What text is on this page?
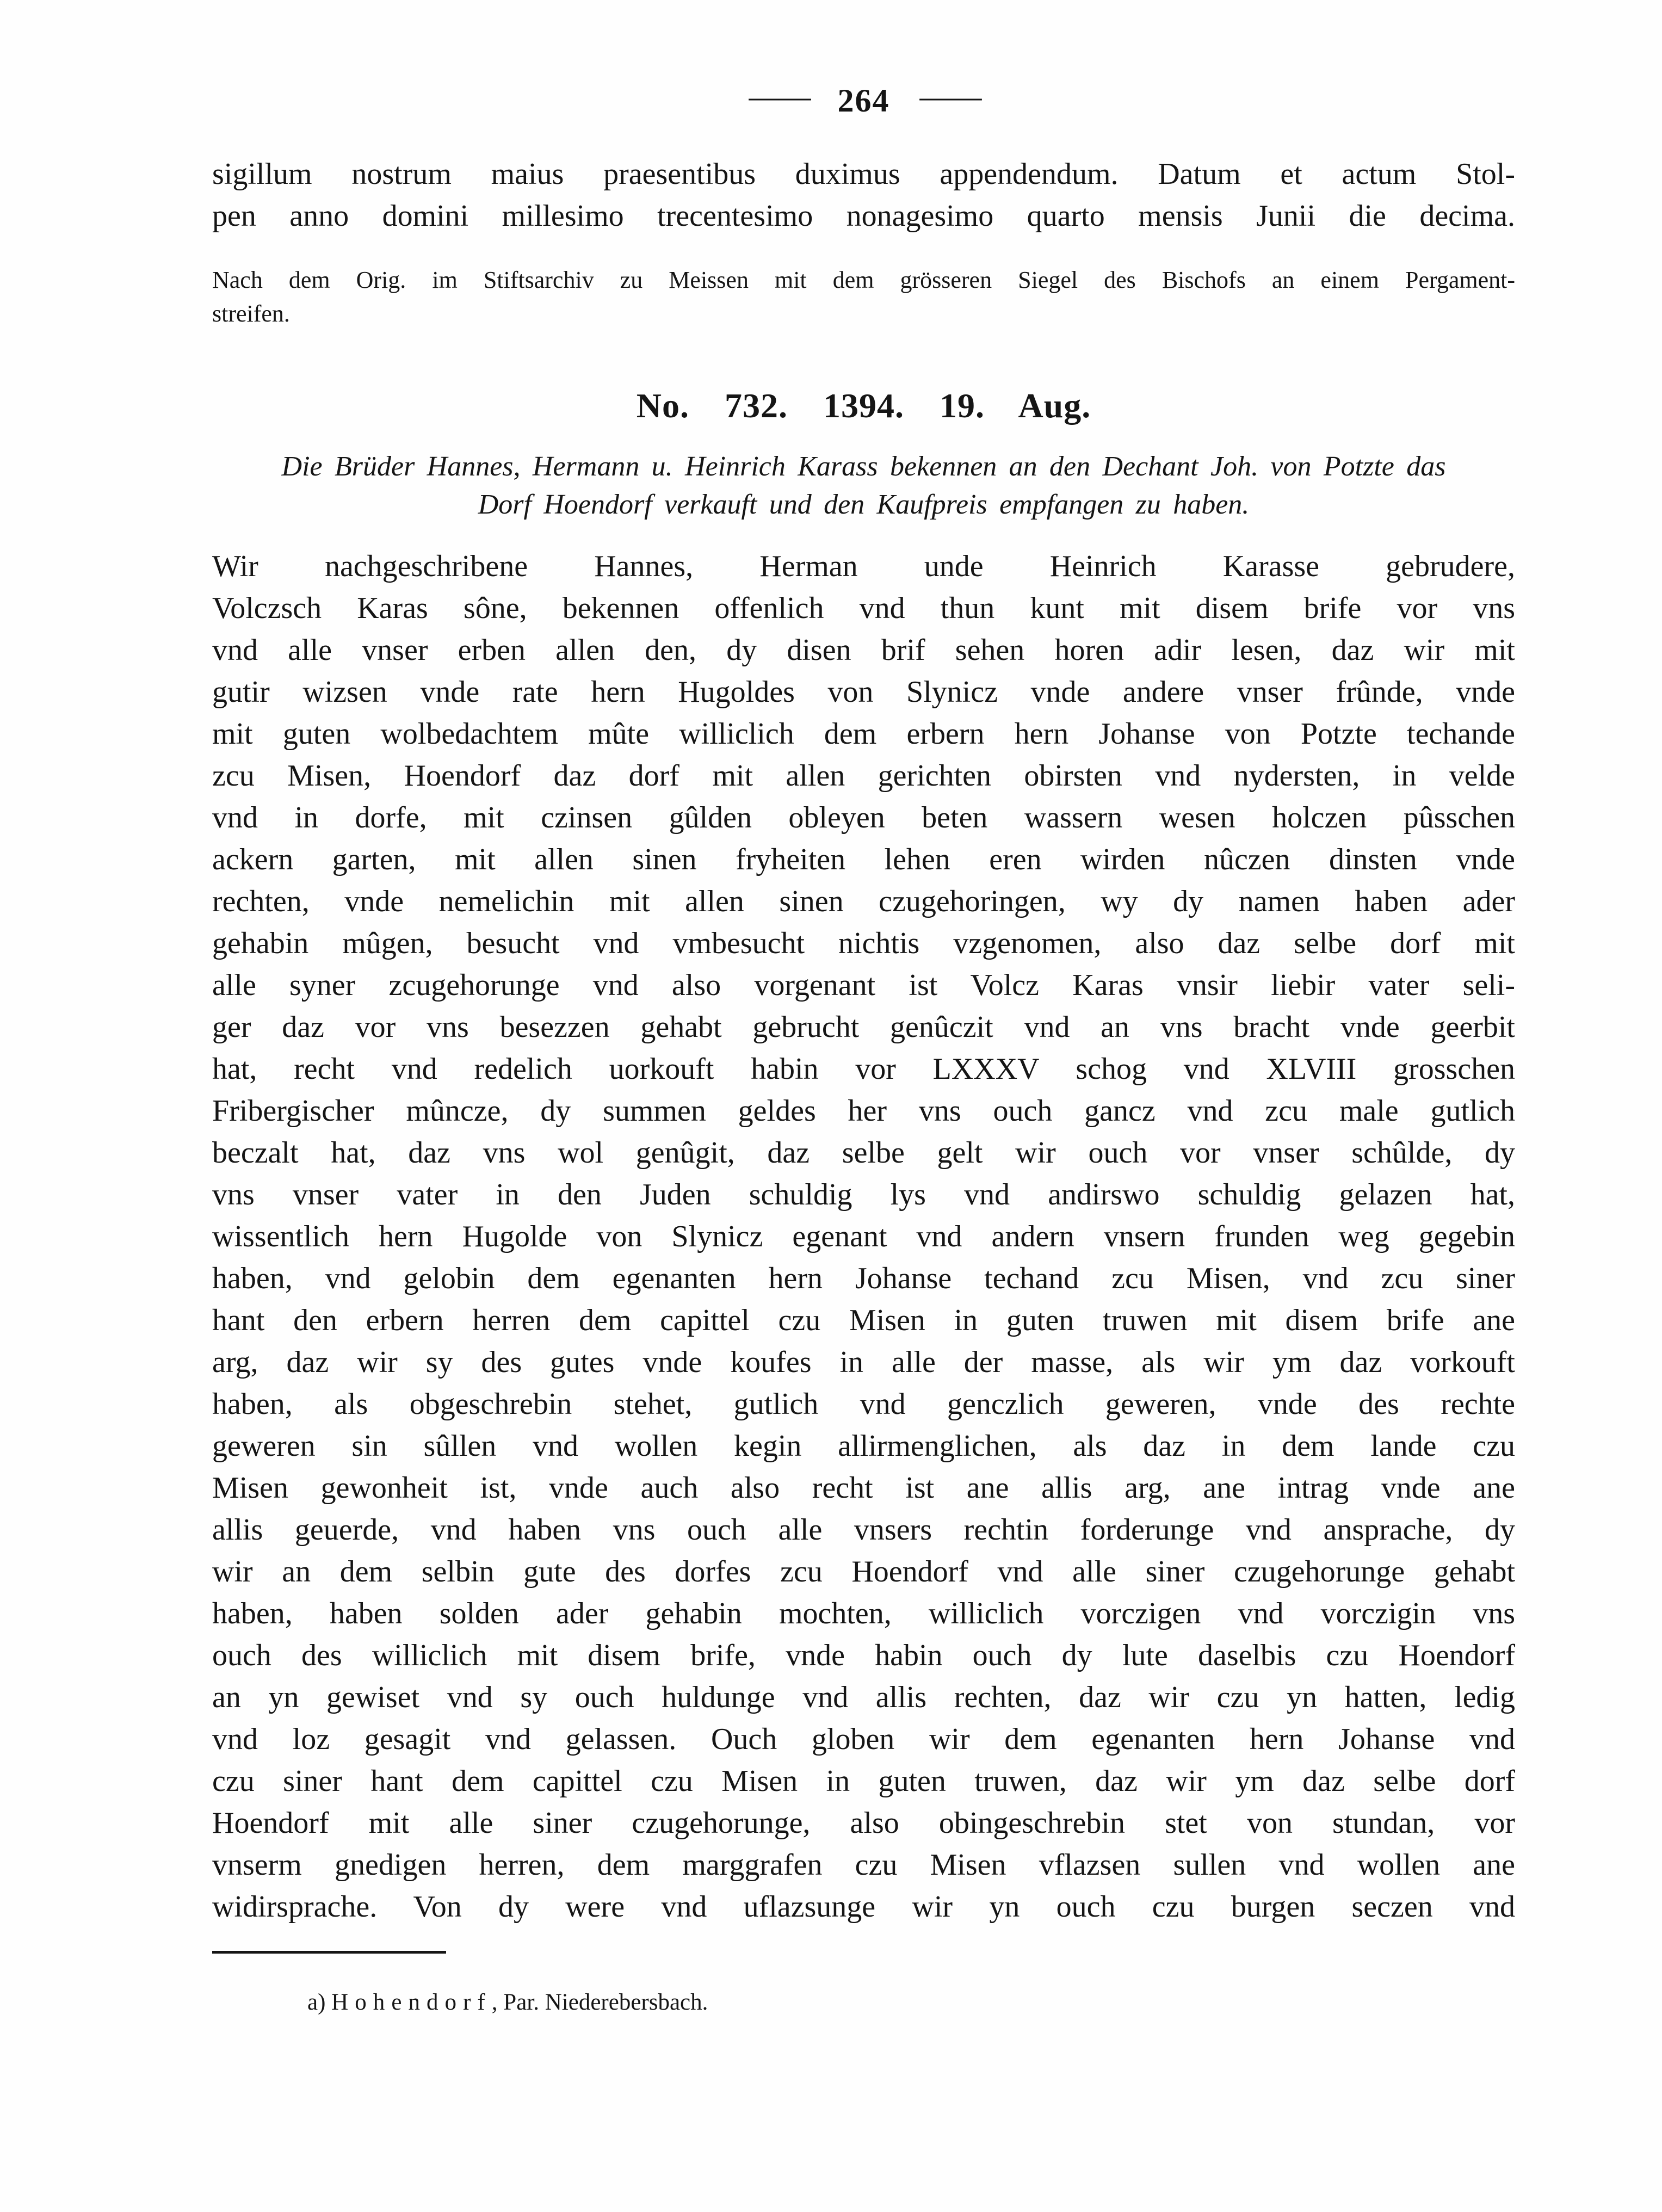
—— 264 ——
sigillum nostrum maius praesentibus duximus appendendum. Datum et actum Stol-
pen anno domini millesimo trecentesimo nonagesimo quarto mensis Junii die decima.
Nach dem Orig. im Stiftsarchiv zu Meissen mit dem grösseren Siegel des Bischofs an einem Pergament-
streifen.
No. 732. 1394. 19. Aug.
Die Brüder Hannes, Hermann u. Heinrich Karass bekennen an den Dechant Joh. von Potzte das
Dorf Hoendorf verkauft und den Kaufpreis empfangen zu haben.
Wir nachgeschribene Hannes, Herman unde Heinrich Karasse gebrudere,
Volczsch Karas sône, bekennen offenlich vnd thun kunt mit disem brife vor vns
vnd alle vnser erben allen den, dy disen brif sehen horen adir lesen, daz wir mit
gutir wizsen vnde rate hern Hugoldes von Slynicz vnde andere vnser frûnde, vnde
mit guten wolbedachtem mûte williclich dem erbern hern Johanse von Potzte techande
zcu Misen, Hoendorf daz dorf mit allen gerichten obirsten vnd nydersten, in velde
vnd in dorfe, mit czinsen gûlden obleyen beten wassern wesen holczen pûsschen
ackern garten, mit allen sinen fryheiten lehen eren wirden nûczen dinsten vnde
rechten, vnde nemelichin mit allen sinen czugehoringen, wy dy namen haben ader
gehabin mûgen, besucht vnd vmbesucht nichtis vzgenomen, also daz selbe dorf mit
alle syner zcugehorunge vnd also vorgenant ist Volcz Karas vnsir liebir vater seli-
ger daz vor vns besezzen gehabt gebrucht genûczit vnd an vns bracht vnde geerbit
hat, recht vnd redelich uorkouft habin vor LXXXV schog vnd XLVIII grosschen
Fribergischer mûncze, dy summen geldes her vns ouch gancz vnd zcu male gutlich
beczalt hat, daz vns wol genûgit, daz selbe gelt wir ouch vor vnser schûlde, dy
vns vnser vater in den Juden schuldig lys vnd andirswo schuldig gelazen hat,
wissentlich hern Hugolde von Slynicz egenant vnd andern vnsern frunden weg gegebin
haben, vnd gelobin dem egenanten hern Johanse techand zcu Misen, vnd zcu siner
hant den erbern herren dem capittel czu Misen in guten truwen mit disem brife ane
arg, daz wir sy des gutes vnde koufes in alle der masse, als wir ym daz vorkouft
haben, als obgeschrebin stehet, gutlich vnd genczlich geweren, vnde des rechte
geweren sin sûllen vnd wollen kegin allirmenglichen, als daz in dem lande czu
Misen gewonheit ist, vnde auch also recht ist ane allis arg, ane intrag vnde ane
allis geuerde, vnd haben vns ouch alle vnsers rechtin forderunge vnd ansprache, dy
wir an dem selbin gute des dorfes zcu Hoendorf vnd alle siner czugehorunge gehabt
haben, haben solden ader gehabin mochten, williclich vorczigen vnd vorczigin vns
ouch des williclich mit disem brife, vnde habin ouch dy lute daselbis czu Hoendorf
an yn gewiset vnd sy ouch huldunge vnd allis rechten, daz wir czu yn hatten, ledig
vnd loz gesagit vnd gelassen. Ouch globen wir dem egenanten hern Johanse vnd
czu siner hant dem capittel czu Misen in guten truwen, daz wir ym daz selbe dorf
Hoendorf mit alle siner czugehorunge, also obingeschrebin stet von stundan, vor
vnserm gnedigen herren, dem marggrafen czu Misen vflazsen sullen vnd wollen ane
widirsprache. Von dy were vnd uflazsunge wir yn ouch czu burgen seczen vnd
a) Hohendorf, Par. Niederebersbach.
